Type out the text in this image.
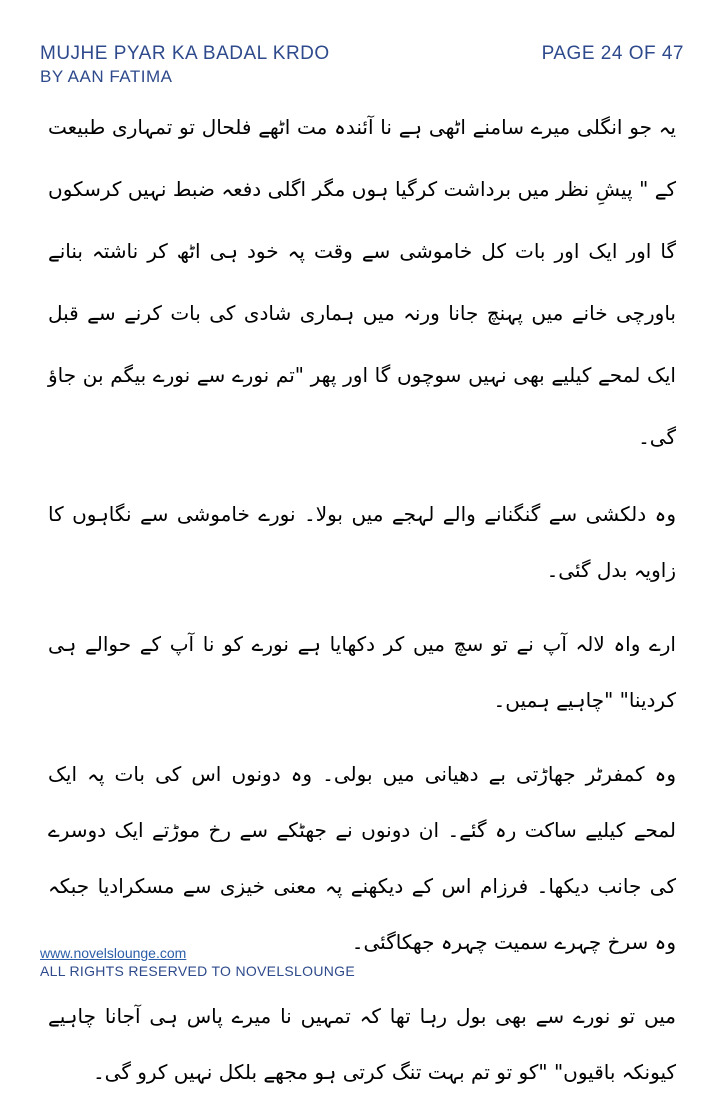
MUJHE PYAR KA BADAL KRDO
BY AAN FATIMA
PAGE 24 OF 47

یہ جو انگلی میرے سامنے اٹھی ہے نا آئندہ مت اٹھے فلحال تو تمہاری طبیعت کے " پیشِ نظر میں برداشت کرگیا ہوں مگر اگلی دفعہ ضبط نہیں کرسکوں گا اور ایک اور بات کل خاموشی سے وقت پہ خود ہی اٹھ کر ناشتہ بنانے باورچی خانے میں پہنچ جانا ورنہ میں ہماری شادی کی بات کرنے سے قبل ایک لمحے کیلیے بھی نہیں سوچوں گا اور پھر "تم نورے سے نورے بیگم بن جاؤ گی۔

وہ دلکشی سے گنگنانے والے لہجے میں بولا۔ نورے خاموشی سے نگاہوں کا زاویہ بدل گئی۔

ارے واہ لالہ آپ نے تو سچ میں کر دکھایا ہے نورے کو نا آپ کے حوالے ہی کردینا" "چاہیے ہمیں۔

وہ کمفرٹر جھاڑتی بے دھیانی میں بولی۔ وہ دونوں اس کی بات پہ ایک لمحے کیلیے ساکت رہ گئے۔ ان دونوں نے جھٹکے سے رخ موڑتے ایک دوسرے کی جانب دیکھا۔ فرزام اس کے دیکھنے پہ معنی خیزی سے مسکرادیا جبکہ وہ سرخ چہرے سمیت چہرہ جھکاگئی۔

میں تو نورے سے بھی بول رہا تھا کہ تمہیں نا میرے پاس ہی آجانا چاہیے کیونکہ باقیوں" "کو تو تم بہت تنگ کرتی ہو مجھے بلکل نہیں کرو گی۔

www.novelslounge.com
ALL RIGHTS RESERVED TO NOVELSLOUNGE
